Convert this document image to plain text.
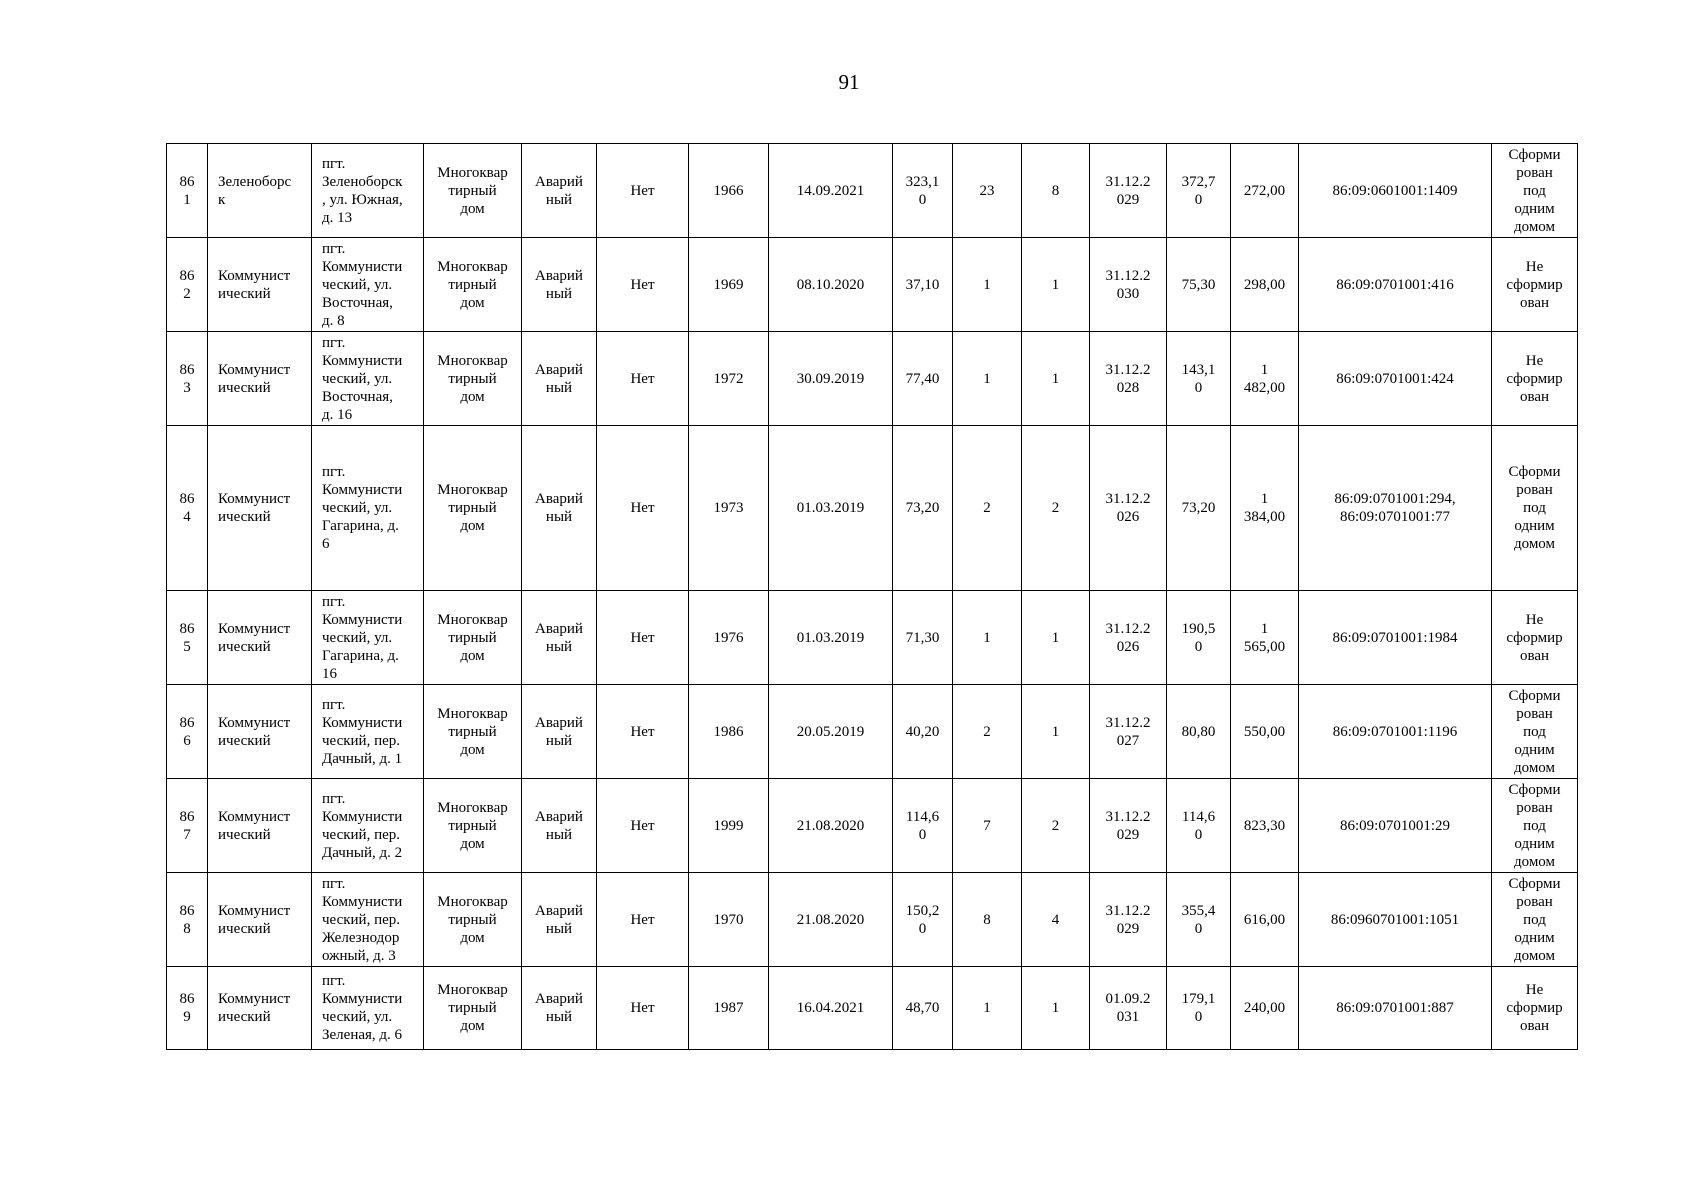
91
86
1	Зеленоборс
к	пгт.
Зеленоборск
, ул. Южная,
д. 13	Многоквар
тирный
дом	Аварий
ный	Нет	1966	14.09.2021	323,1
0	23	8	31.12.2
029	372,7
0	272,00	86:09:0601001:1409	Сформи
рован
под
одним
домом
86
2	Коммунист
ический	пгт.
Коммунисти
ческий, ул.
Восточная,
д. 8	Многоквар
тирный
дом	Аварий
ный	Нет	1969	08.10.2020	37,10	1	1	31.12.2
030	75,30	298,00	86:09:0701001:416	Не
сформир
ован
86
3	Коммунист
ический	пгт.
Коммунисти
ческий, ул.
Восточная,
д. 16	Многоквар
тирный
дом	Аварий
ный	Нет	1972	30.09.2019	77,40	1	1	31.12.2
028	143,1
0	1
482,00	86:09:0701001:424	Не
сформир
ован
86
4	Коммунист
ический	пгт.
Коммунисти
ческий, ул.
Гагарина, д.
6	Многоквар
тирный
дом	Аварий
ный	Нет	1973	01.03.2019	73,20	2	2	31.12.2
026	73,20	1
384,00	86:09:0701001:294,
86:09:0701001:77	Сформи
рован
под
одним
домом
86
5	Коммунист
ический	пгт.
Коммунисти
ческий, ул.
Гагарина, д.
16	Многоквар
тирный
дом	Аварий
ный	Нет	1976	01.03.2019	71,30	1	1	31.12.2
026	190,5
0	1
565,00	86:09:0701001:1984	Не
сформир
ован
86
6	Коммунист
ический	пгт.
Коммунисти
ческий, пер.
Дачный, д. 1	Многоквар
тирный
дом	Аварий
ный	Нет	1986	20.05.2019	40,20	2	1	31.12.2
027	80,80	550,00	86:09:0701001:1196	Сформи
рован
под
одним
домом
86
7	Коммунист
ический	пгт.
Коммунисти
ческий, пер.
Дачный, д. 2	Многоквар
тирный
дом	Аварий
ный	Нет	1999	21.08.2020	114,6
0	7	2	31.12.2
029	114,6
0	823,30	86:09:0701001:29	Сформи
рован
под
одним
домом
86
8	Коммунист
ический	пгт.
Коммунисти
ческий, пер.
Железнодор
ожный, д. 3	Многоквар
тирный
дом	Аварий
ный	Нет	1970	21.08.2020	150,2
0	8	4	31.12.2
029	355,4
0	616,00	86:0960701001:1051	Сформи
рован
под
одним
домом
86
9	Коммунист
ический	пгт.
Коммунисти
ческий, ул.
Зеленая, д. 6	Многоквар
тирный
дом	Аварий
ный	Нет	1987	16.04.2021	48,70	1	1	01.09.2
031	179,1
0	240,00	86:09:0701001:887	Не
сформир
ован
